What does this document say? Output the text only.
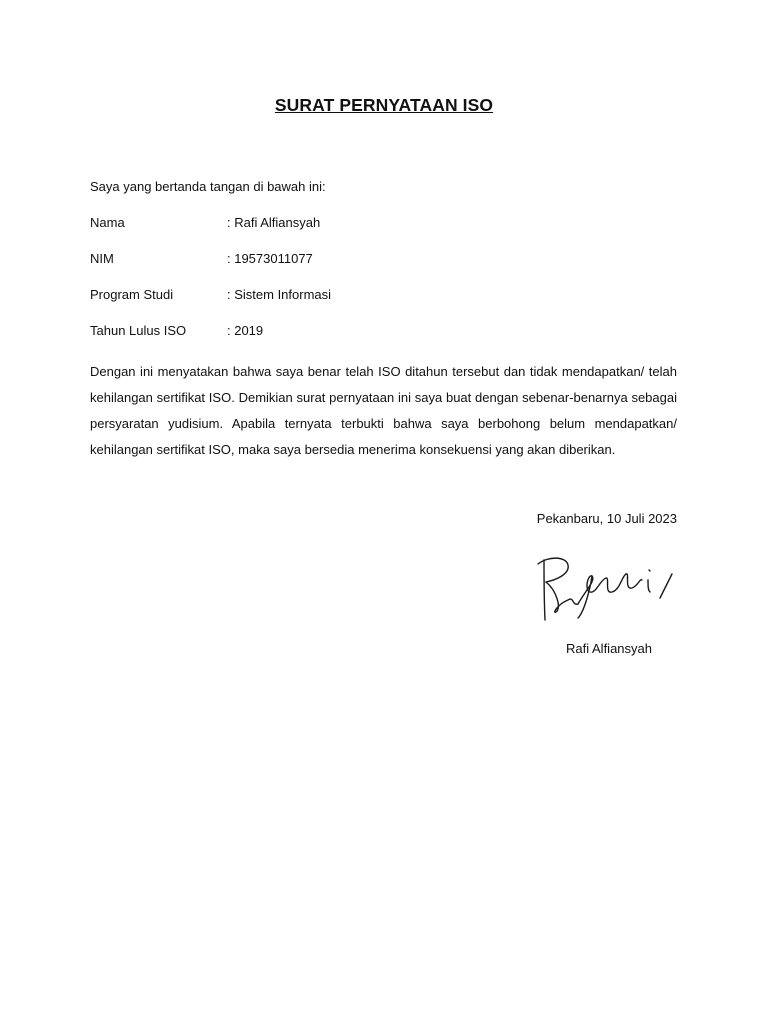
SURAT PERNYATAAN ISO
Saya yang bertanda tangan di bawah ini:
Nama	: Rafi Alfiansyah
NIM	: 19573011077
Program Studi	: Sistem Informasi
Tahun Lulus ISO	: 2019

Dengan ini menyatakan bahwa saya benar telah ISO ditahun tersebut dan tidak mendapatkan/ telah kehilangan sertifikat ISO. Demikian surat pernyataan ini saya buat dengan sebenar-benarnya sebagai persyaratan yudisium. Apabila ternyata terbukti bahwa saya berbohong belum mendapatkan/ kehilangan sertifikat ISO, maka saya bersedia menerima konsekuensi yang akan diberikan.

Pekanbaru, 10 Juli 2023
Rafi Alfiansyah
